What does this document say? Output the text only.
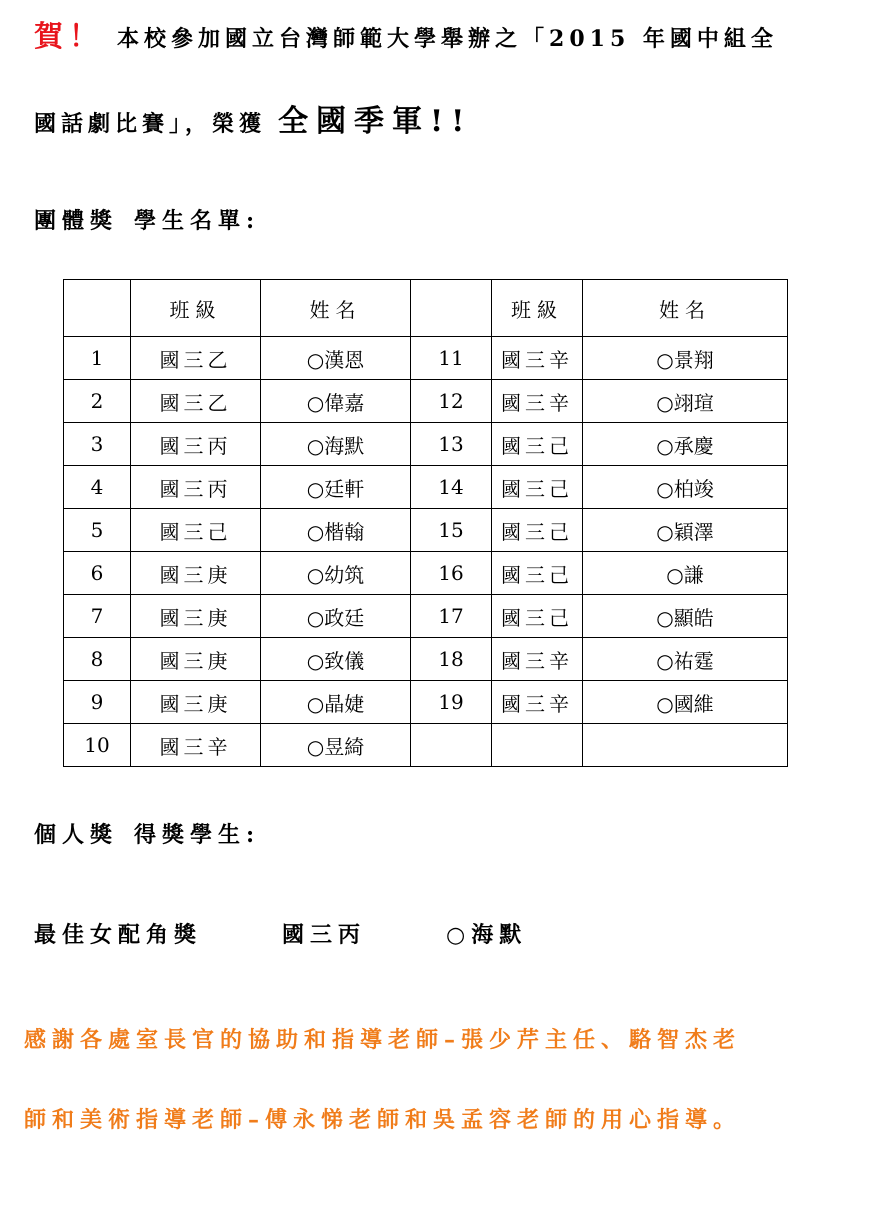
賀！ 本校參加國立台灣師範大學舉辦之「2015 年國中組全
國話劇比賽」，榮獲 全國季軍!!
團體獎 學生名單:
	班級	姓名		班級	姓名
1	國三乙	○漢恩	11	國三辛	○景翔
2	國三乙	○偉嘉	12	國三辛	○翊瑄
3	國三丙	○海默	13	國三己	○承慶
4	國三丙	○廷軒	14	國三己	○柏竣
5	國三己	○楷翰	15	國三己	○穎澤
6	國三庚	○幼筑	16	國三己	○謙
7	國三庚	○政廷	17	國三己	○顯皓
8	國三庚	○致儀	18	國三辛	○祐霆
9	國三庚	○晶婕	19	國三辛	○國維
10	國三辛	○昱綺			
個人獎 得獎學生:
最佳女配角獎	國三丙	○海默
感謝各處室長官的協助和指導老師–張少芹主任、駱智杰老
師和美術指導老師–傅永悌老師和吳孟容老師的用心指導。
